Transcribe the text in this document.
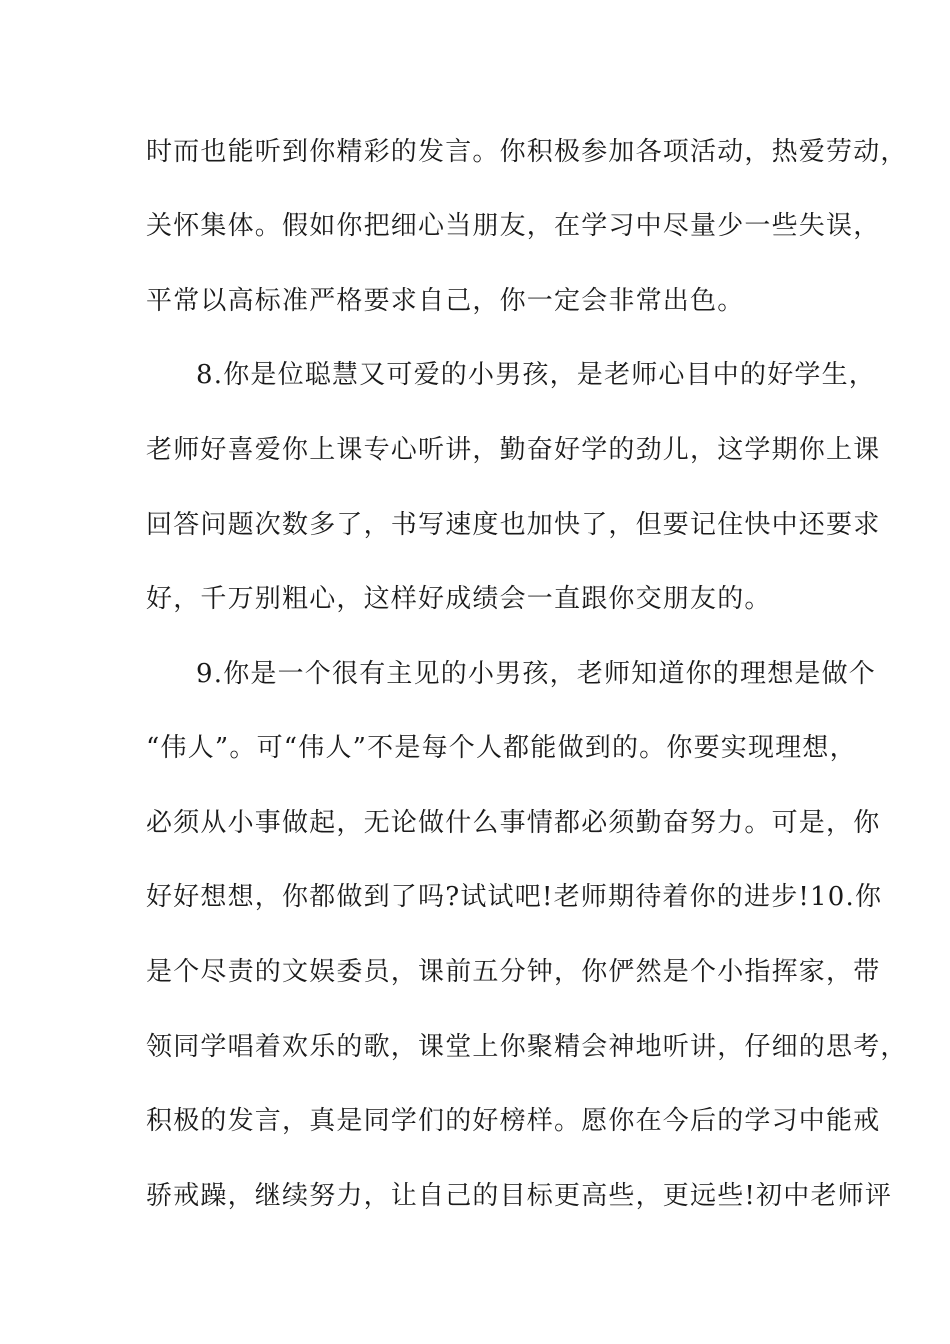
时而也能听到你精彩的发言。你积极参加各项活动，热爱劳动，
关怀集体。假如你把细心当朋友，在学习中尽量少一些失误，
平常以高标准严格要求自己，你一定会非常出色。
8.你是位聪慧又可爱的小男孩，是老师心目中的好学生，
老师好喜爱你上课专心听讲，勤奋好学的劲儿，这学期你上课
回答问题次数多了，书写速度也加快了，但要记住快中还要求
好，千万别粗心，这样好成绩会一直跟你交朋友的。
9.你是一个很有主见的小男孩，老师知道你的理想是做个
“伟人”。可“伟人”不是每个人都能做到的。你要实现理想，
必须从小事做起，无论做什么事情都必须勤奋努力。可是，你
好好想想，你都做到了吗?试试吧!老师期待着你的进步!10.你
是个尽责的文娱委员，课前五分钟，你俨然是个小指挥家，带
领同学唱着欢乐的歌，课堂上你聚精会神地听讲，仔细的思考，
积极的发言，真是同学们的好榜样。愿你在今后的学习中能戒
骄戒躁，继续努力，让自己的目标更高些，更远些!初中老师评
